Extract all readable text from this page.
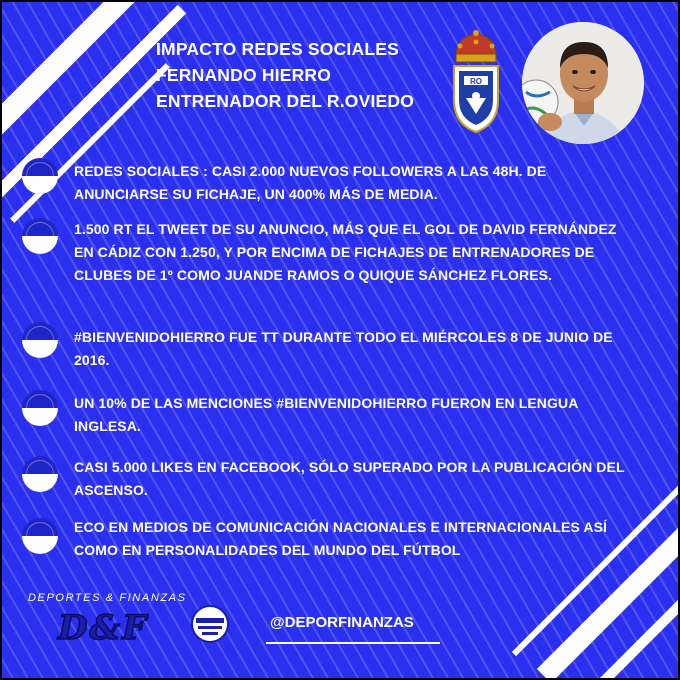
IMPACTO REDES SOCIALES
FERNANDO HIERRO
ENTRENADOR DEL R.OVIEDO
RO
REDES SOCIALES : CASI 2.000 NUEVOS FOLLOWERS A LAS 48H. DE ANUNCIARSE SU FICHAJE, UN 400% MÁS DE MEDIA.
1.500 RT EL TWEET DE SU ANUNCIO, MÁS QUE EL GOL DE DAVID FERNÁNDEZ EN CÁDIZ CON 1.250, Y POR ENCIMA DE FICHAJES DE ENTRENADORES DE CLUBES DE 1º COMO JUANDE RAMOS O QUIQUE SÁNCHEZ FLORES.
#BIENVENIDOHIERRO FUE TT DURANTE TODO EL MIÉRCOLES 8 DE JUNIO DE 2016.
UN 10% DE LAS MENCIONES #BIENVENIDOHIERRO FUERON EN LENGUA INGLESA.
CASI 5.000 LIKES EN FACEBOOK, SÓLO SUPERADO POR LA PUBLICACIÓN DEL ASCENSO.
ECO EN MEDIOS DE COMUNICACIÓN NACIONALES E INTERNACIONALES ASÍ COMO EN PERSONALIDADES DEL MUNDO DEL FÚTBOL
DEPORTES & FINANZAS
D&F	@DEPORFINANZAS
